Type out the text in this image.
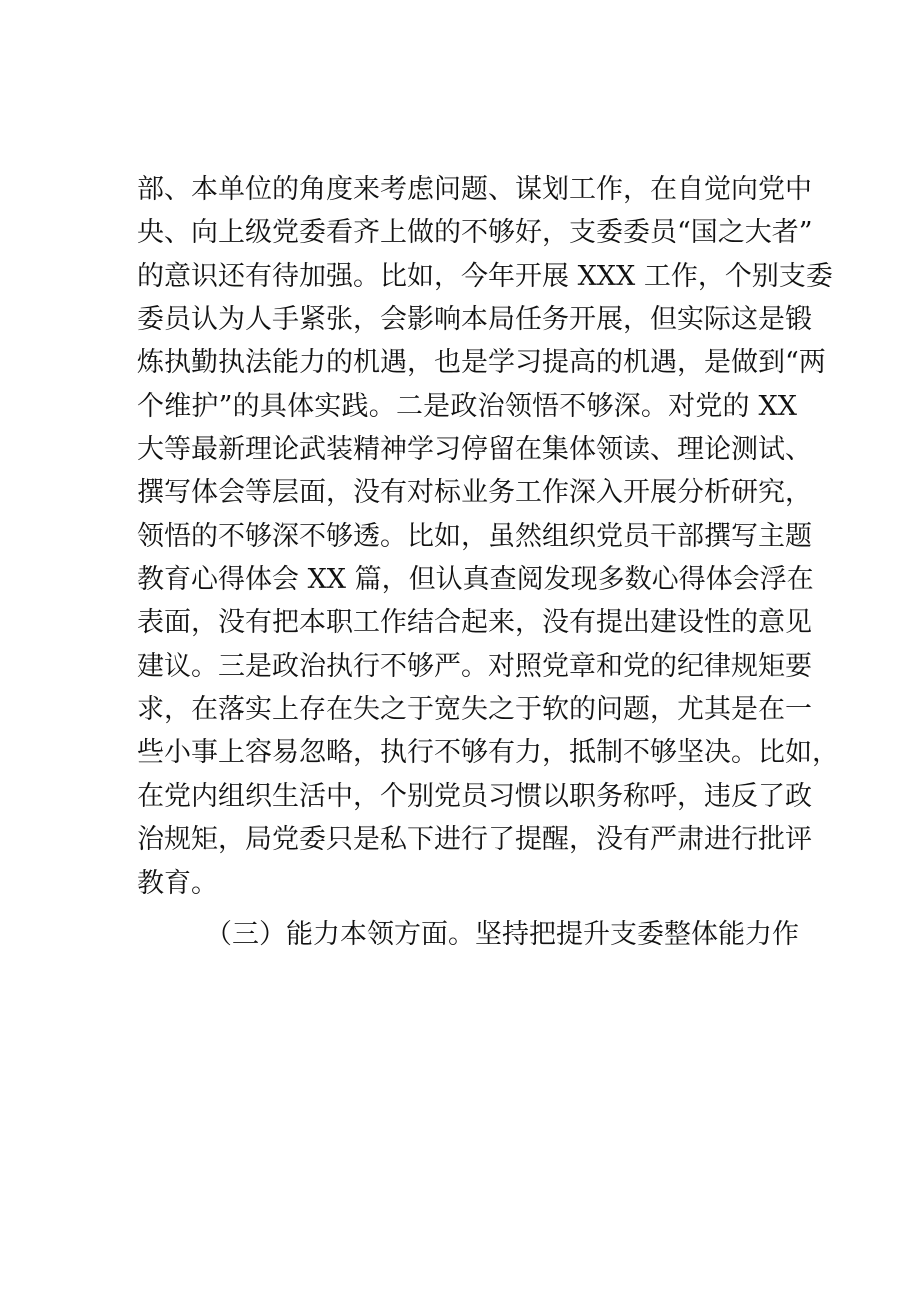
部、本单位的角度来考虑问题、谋划工作，在自觉向党中
央、向上级党委看齐上做的不够好，支委委员“国之大者”
的意识还有待加强。比如，今年开展 XXX 工作，个别支委
委员认为人手紧张，会影响本局任务开展，但实际这是锻
炼执勤执法能力的机遇，也是学习提高的机遇，是做到“两
个维护”的具体实践。二是政治领悟不够深。对党的 XX
大等最新理论武装精神学习停留在集体领读、理论测试、
撰写体会等层面，没有对标业务工作深入开展分析研究，
领悟的不够深不够透。比如，虽然组织党员干部撰写主题
教育心得体会 XX 篇，但认真查阅发现多数心得体会浮在
表面，没有把本职工作结合起来，没有提出建设性的意见
建议。三是政治执行不够严。对照党章和党的纪律规矩要
求，在落实上存在失之于宽失之于软的问题，尤其是在一
些小事上容易忽略，执行不够有力，抵制不够坚决。比如，
在党内组织生活中，个别党员习惯以职务称呼，违反了政
治规矩，局党委只是私下进行了提醒，没有严肃进行批评
教育。
（三）能力本领方面。坚持把提升支委整体能力作
